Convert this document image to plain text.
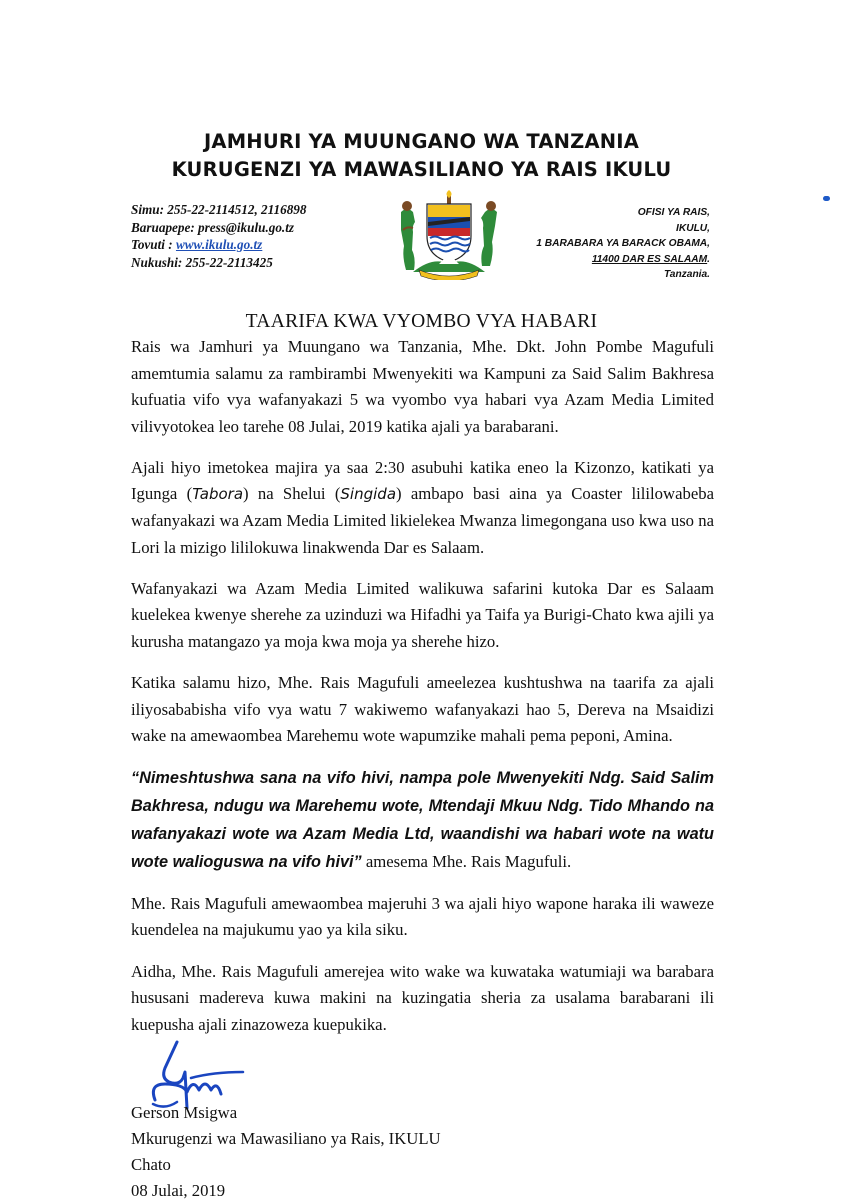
JAMHURI YA MUUNGANO WA TANZANIA
KURUGENZI YA MAWASILIANO YA RAIS IKULU
Simu: 255-22-2114512, 2116898
Baruapepe: press@ikulu.go.tz
Tovuti : www.ikulu.go.tz
Nukushi: 255-22-2113425
OFISI YA RAIS,
IKULU,
1 BARABARA YA BARACK OBAMA,
11400 DAR ES SALAAM.
Tanzania.
TAARIFA KWA VYOMBO VYA HABARI

Rais wa Jamhuri ya Muungano wa Tanzania, Mhe. Dkt. John Pombe Magufuli amemtumia salamu za rambirambi Mwenyekiti wa Kampuni za Said Salim Bakhresa kufuatia vifo vya wafanyakazi 5 wa vyombo vya habari vya Azam Media Limited vilivyotokea leo tarehe 08 Julai, 2019 katika ajali ya barabarani.

Ajali hiyo imetokea majira ya saa 2:30 asubuhi katika eneo la Kizonzo, katikati ya Igunga (Tabora) na Shelui (Singida) ambapo basi aina ya Coaster lililowabeba wafanyakazi wa Azam Media Limited likielekea Mwanza limegongana uso kwa uso na Lori la mizigo lililokuwa linakwenda Dar es Salaam.

Wafanyakazi wa Azam Media Limited walikuwa safarini kutoka Dar es Salaam kuelekea kwenye sherehe za uzinduzi wa Hifadhi ya Taifa ya Burigi-Chato kwa ajili ya kurusha matangazo ya moja kwa moja ya sherehe hizo.

Katika salamu hizo, Mhe. Rais Magufuli ameelezea kushtushwa na taarifa za ajali iliyosababisha vifo vya watu 7 wakiwemo wafanyakazi hao 5, Dereva na Msaidizi wake na amewaombea Marehemu wote wapumzike mahali pema peponi, Amina.

“Nimeshtushwa sana na vifo hivi, nampa pole Mwenyekiti Ndg. Said Salim Bakhresa, ndugu wa Marehemu wote, Mtendaji Mkuu Ndg. Tido Mhando na wafanyakazi wote wa Azam Media Ltd, waandishi wa habari wote na watu wote walioguswa na vifo hivi” amesema Mhe. Rais Magufuli.

Mhe. Rais Magufuli amewaombea majeruhi 3 wa ajali hiyo wapone haraka ili waweze kuendelea na majukumu yao ya kila siku.

Aidha, Mhe. Rais Magufuli amerejea wito wake wa kuwataka watumiaji wa barabara hususani madereva kuwa makini na kuzingatia sheria za usalama barabarani ili kuepusha ajali zinazoweza kuepukika.

Gerson Msigwa
Mkurugenzi wa Mawasiliano ya Rais, IKULU
Chato
08 Julai, 2019
